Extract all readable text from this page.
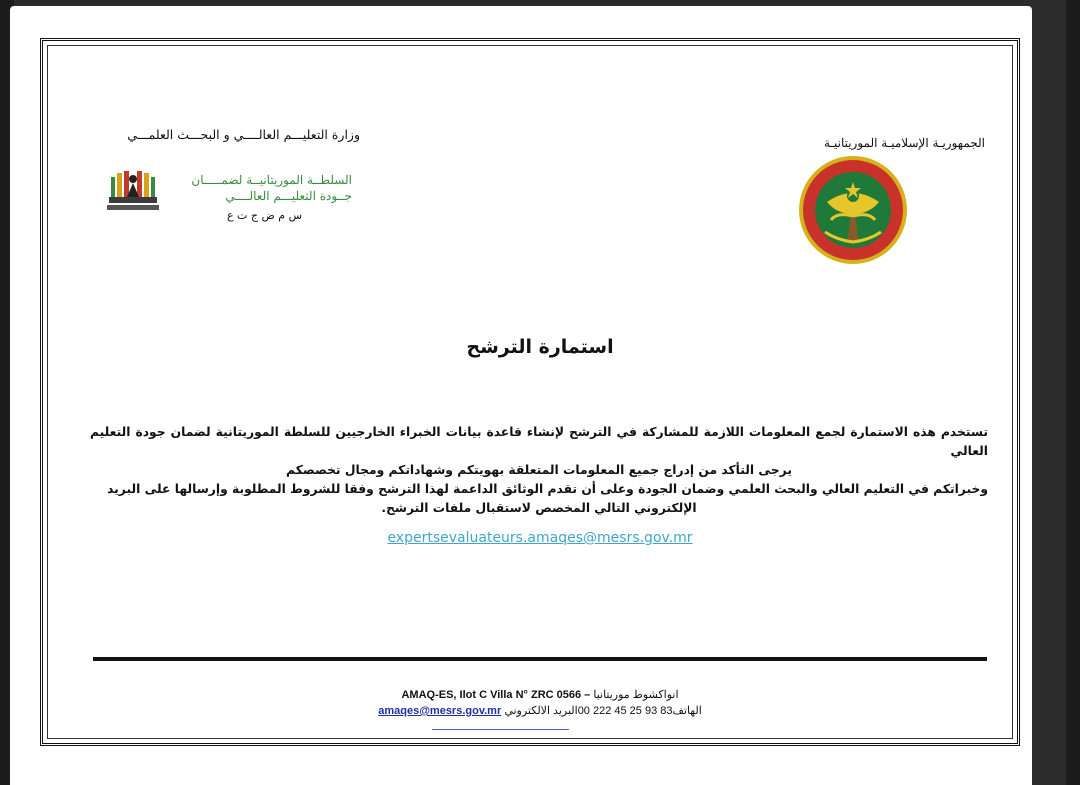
وزارة التعليـــم العالــــي و البحـــث العلمـــي
السلطــة الموريتانيــة لضمـــــان
جــودة التعليـــم العالــــي
س م ض ج ت ع
الجمهوريـة الإسلاميـة الموريتانيـة
استمارة الترشح

تستخدم هذه الاستمارة لجمع المعلومات اللازمة للمشاركة في الترشح لإنشاء قاعدة بيانات الخبراء الخارجيين للسلطة الموريتانية لضمان جودة التعليم العالي

يرجى التأكد من إدراج جميع المعلومات المتعلقة بهويتكم وشهاداتكم ومجال تخصصكم

وخبراتكم في التعليم العالي والبحث العلمي وضمان الجودة وعلى أن تقدم الوثائق الداعمة لهذا الترشح وفقا للشروط المطلوبة وإرسالها على البريد

الإلكتروني التالي المخصص لاستقبال ملفات الترشح.

expertsevaluateurs.amaqes@mesrs.gov.mr
AMAQ-ES, Ilot C Villa N° ZRC 0566 – انواكشوط موريتانيا
الهاتف00 222 45 25 93 83البريد الالكتروني amaqes@mesrs.gov.mr
